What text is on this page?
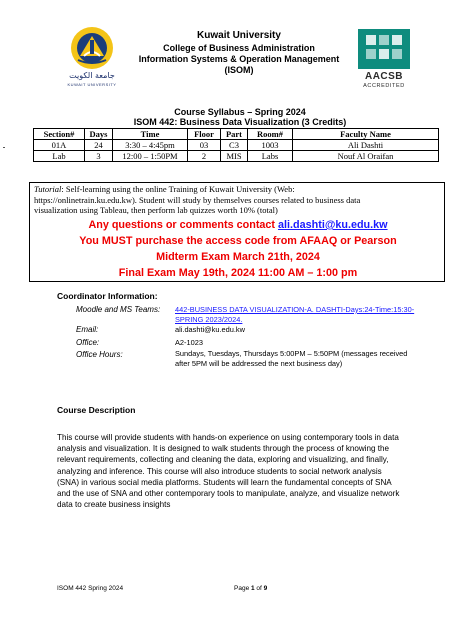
جامعة الكويت
KUWAIT UNIVERSITY
AACSB
ACCREDITED
Kuwait University
College of Business Administration
Information Systems & Operation Management
(ISOM)
Course Syllabus – Spring 2024
ISOM 442: Business Data Visualization (3 Credits)
Section#	Days	Time	Floor	Part	Room#	Faculty Name
01A	24	3:30 – 4:45pm	03	C3	1003	Ali Dashti
Lab	3	12:00 – 1:50PM	2	MIS	Labs	Nouf Al Oraifan
Tutorial: Self-learning using the online Training of Kuwait University (Web:
https://onlinetrain.ku.edu.kw). Student will study by themselves courses related to business data
visualization using Tableau, then perform lab quizzes worth 10% (total)
Any questions or comments contact ali.dashti@ku.edu.kw
You MUST purchase the access code from AFAAQ or Pearson
Midterm Exam March 21th, 2024
Final Exam May 19th, 2024 11:00 AM – 1:00 pm
Coordinator Information:
Moodle and MS Teams: 442-BUSINESS DATA VISUALIZATION-A. DASHTI-Days:24-Time:15:30-
SPRING 2023/2024.
Email:	ali.dashti@ku.edu.kw
Office:	A2-1023
Office Hours:	Sundays, Tuesdays, Thursdays 5:00PM – 5:50PM (messages received
after 5PM will be addressed the next business day)
Course Description
This course will provide students with hands-on experience on using contemporary tools in data
analysis and visualization. It is designed to walk students through the process of knowing the
relevant requirements, collecting and cleaning the data, exploring and visualizing, and finally,
analyzing and inference. This course will also introduce students to social network analysis
(SNA) in various social media platforms. Students will learn the fundamental concepts of SNA
and the use of SNA and other contemporary tools to manipulate, analyze, and visualize network
data to create business insights
ISOM 442 Spring 2024	Page 1 of 9
